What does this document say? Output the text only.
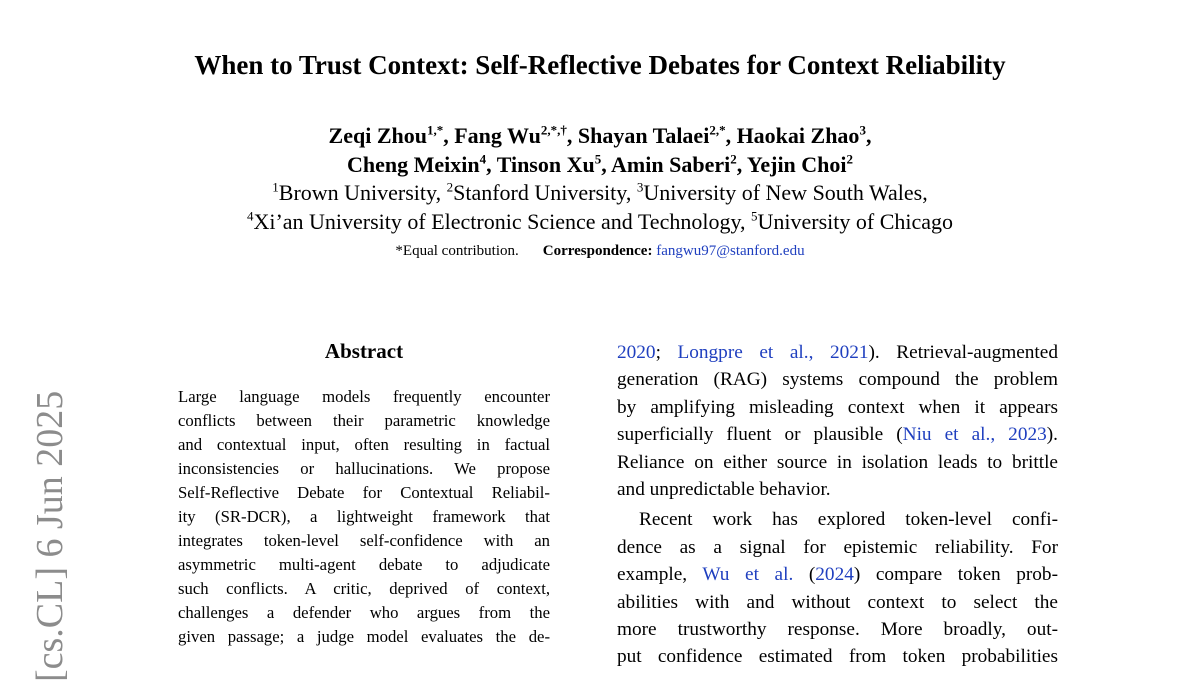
When to Trust Context: Self-Reflective Debates for Context Reliability
Zeqi Zhou$^{1,*}$, Fang $Wu^{2,*,\dagger}$, Shayan Talaei$^{2,*}$, Haokai Zhao$^3$,
Cheng Meixin$^4$, Tinson Xu$^5$, Amin Saberi$^2$, Yejin Choi$^2$
$^1$Brown University, $^2$Stanford University, $^3$University of New South Wales,
$^4$Xi’an University of Electronic Science and Technology, $^5$University of Chicago
*Equal contribution. Correspondence: fangwu97@stanford.edu
[cs.CL] 6 Jun 2025
Abstract
Large language models frequently encounter
conflicts between their parametric knowledge
and contextual input, often resulting in factual
inconsistencies or hallucinations. We propose
Self-Reflective Debate for Contextual Reliabil-
ity (SR-DCR), a lightweight framework that
integrates token-level self-confidence with an
asymmetric multi-agent debate to adjudicate
such conflicts. A critic, deprived of context,
challenges a defender who argues from the
given passage; a judge model evaluates the de-
2020; Longpre et al., 2021). Retrieval-augmented
generation (RAG) systems compound the problem
by amplifying misleading context when it appears
superficially fluent or plausible (Niu et al., 2023).
Reliance on either source in isolation leads to brittle
and unpredictable behavior.
Recent work has explored token-level confi-
dence as a signal for epistemic reliability. For
example, Wu et al. (2024) compare token prob-
abilities with and without context to select the
more trustworthy response. More broadly, out-
put confidence estimated from token probabilities
